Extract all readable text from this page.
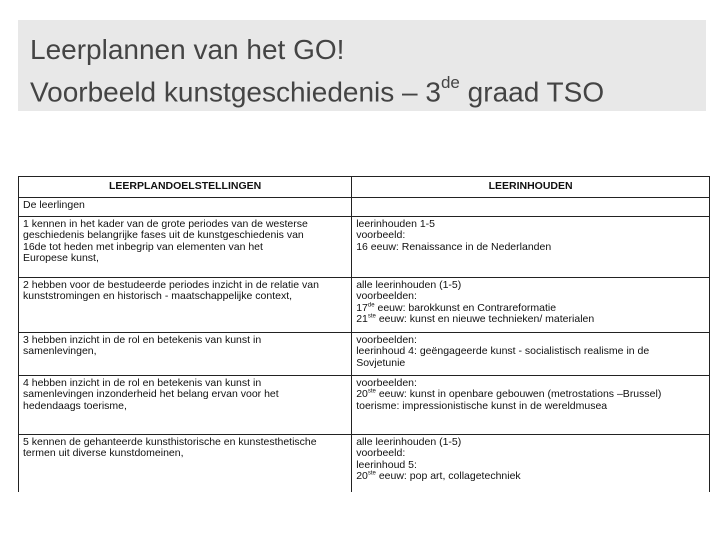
Leerplannen van het GO!
Voorbeeld kunstgeschiedenis – 3de graad TSO
LEERPLANDOELSTELLINGEN	LEERINHOUDEN
De leerlingen	

1 kennen in het kader van de grote periodes van de westerse
geschiedenis belangrijke fases uit de kunstgeschiedenis van
16de tot heden met inbegrip van elementen van het
Europese kunst,	leerinhouden 1-5
voorbeeld:
16 eeuw: Renaissance in de Nederlanden

2 hebben voor de bestudeerde periodes inzicht in de relatie van
kunststromingen en historisch - maatschappelijke context,	alle leerinhouden (1-5)
voorbeelden:
17de eeuw: barokkunst en Contrareformatie
21ste eeuw: kunst en nieuwe technieken/ materialen

3 hebben inzicht in de rol en betekenis van kunst in
samenlevingen,	voorbeelden:
leerinhoud 4: geëngageerde kunst - socialistisch realisme in de
Sovjetunie

4 hebben inzicht in de rol en betekenis van kunst in
samenlevingen inzonderheid het belang ervan voor het
hedendaags toerisme,	voorbeelden:
20ste eeuw: kunst in openbare gebouwen (metrostations –Brussel)
toerisme: impressionistische kunst in de wereldmusea

5 kennen de gehanteerde kunsthistorische en kunstesthetische
termen uit diverse kunstdomeinen,	alle leerinhouden (1-5)
voorbeeld:
leerinhoud 5:
20ste eeuw: pop art, collagetechniek
